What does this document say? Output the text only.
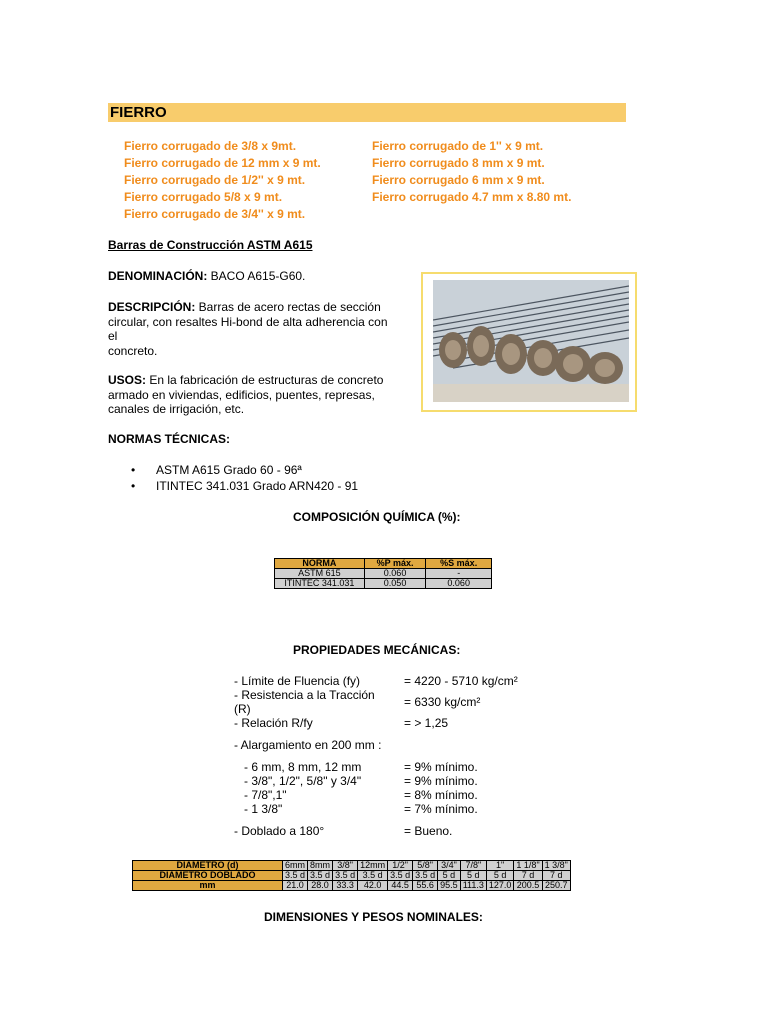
FIERRO
Fierro corrugado de 3/8 x 9mt.
Fierro corrugado de 12 mm x 9 mt.
Fierro corrugado de 1/2'' x 9 mt.
Fierro corrugado 5/8 x 9 mt.
Fierro corrugado de 3/4'' x 9 mt.
Fierro corrugado de 1'' x 9 mt.
Fierro corrugado 8 mm x 9 mt.
Fierro corrugado 6 mm x 9 mt.
Fierro corrugado 4.7 mm x 8.80 mt.
Barras de Construcción ASTM A615
DENOMINACIÓN: BACO A615-G60.
DESCRIPCIÓN: Barras de acero rectas de sección
circular, con resaltes Hi-bond de alta adherencia con
el
concreto.
USOS: En la fabricación de estructuras de concreto
armado en viviendas, edificios, puentes, represas,
canales de irrigación, etc.
NORMAS TÉCNICAS:
• ASTM A615 Grado 60 - 96ª
• ITINTEC 341.031 Grado ARN420 - 91
COMPOSICIÓN QUÍMICA (%):
NORMA	%P máx.	%S máx.
ASTM 615	0.060	-
ITINTEC 341.031	0.050	0.060
PROPIEDADES MECÁNICAS:
- Límite de Fluencia (fy)	= 4220 - 5710 kg/cm²
- Resistencia a la Tracción
(R)	= 6330 kg/cm²
- Relación R/fy	= > 1,25
- Alargamiento en 200 mm :
- 6 mm, 8 mm, 12 mm	= 9% mínimo.
- 3/8", 1/2", 5/8" y 3/4"	= 9% mínimo.
- 7/8",1"	= 8% mínimo.
- 1 3/8"	= 7% mínimo.
- Doblado a 180°	= Bueno.
DIAMETRO (d)	6mm	8mm	3/8"	12mm	1/2"	5/8"	3/4"	7/8"	1"	1 1/8"	1 3/8"
DIAMETRO DOBLADO	3.5 d	3.5 d	3.5 d	3.5 d	3.5 d	3.5 d	5 d	5 d	5 d	7 d	7 d
mm	21.0	28.0	33.3	42.0	44.5	55.6	95.5	111.3	127.0	200.5	250.7
DIMENSIONES Y PESOS NOMINALES:
